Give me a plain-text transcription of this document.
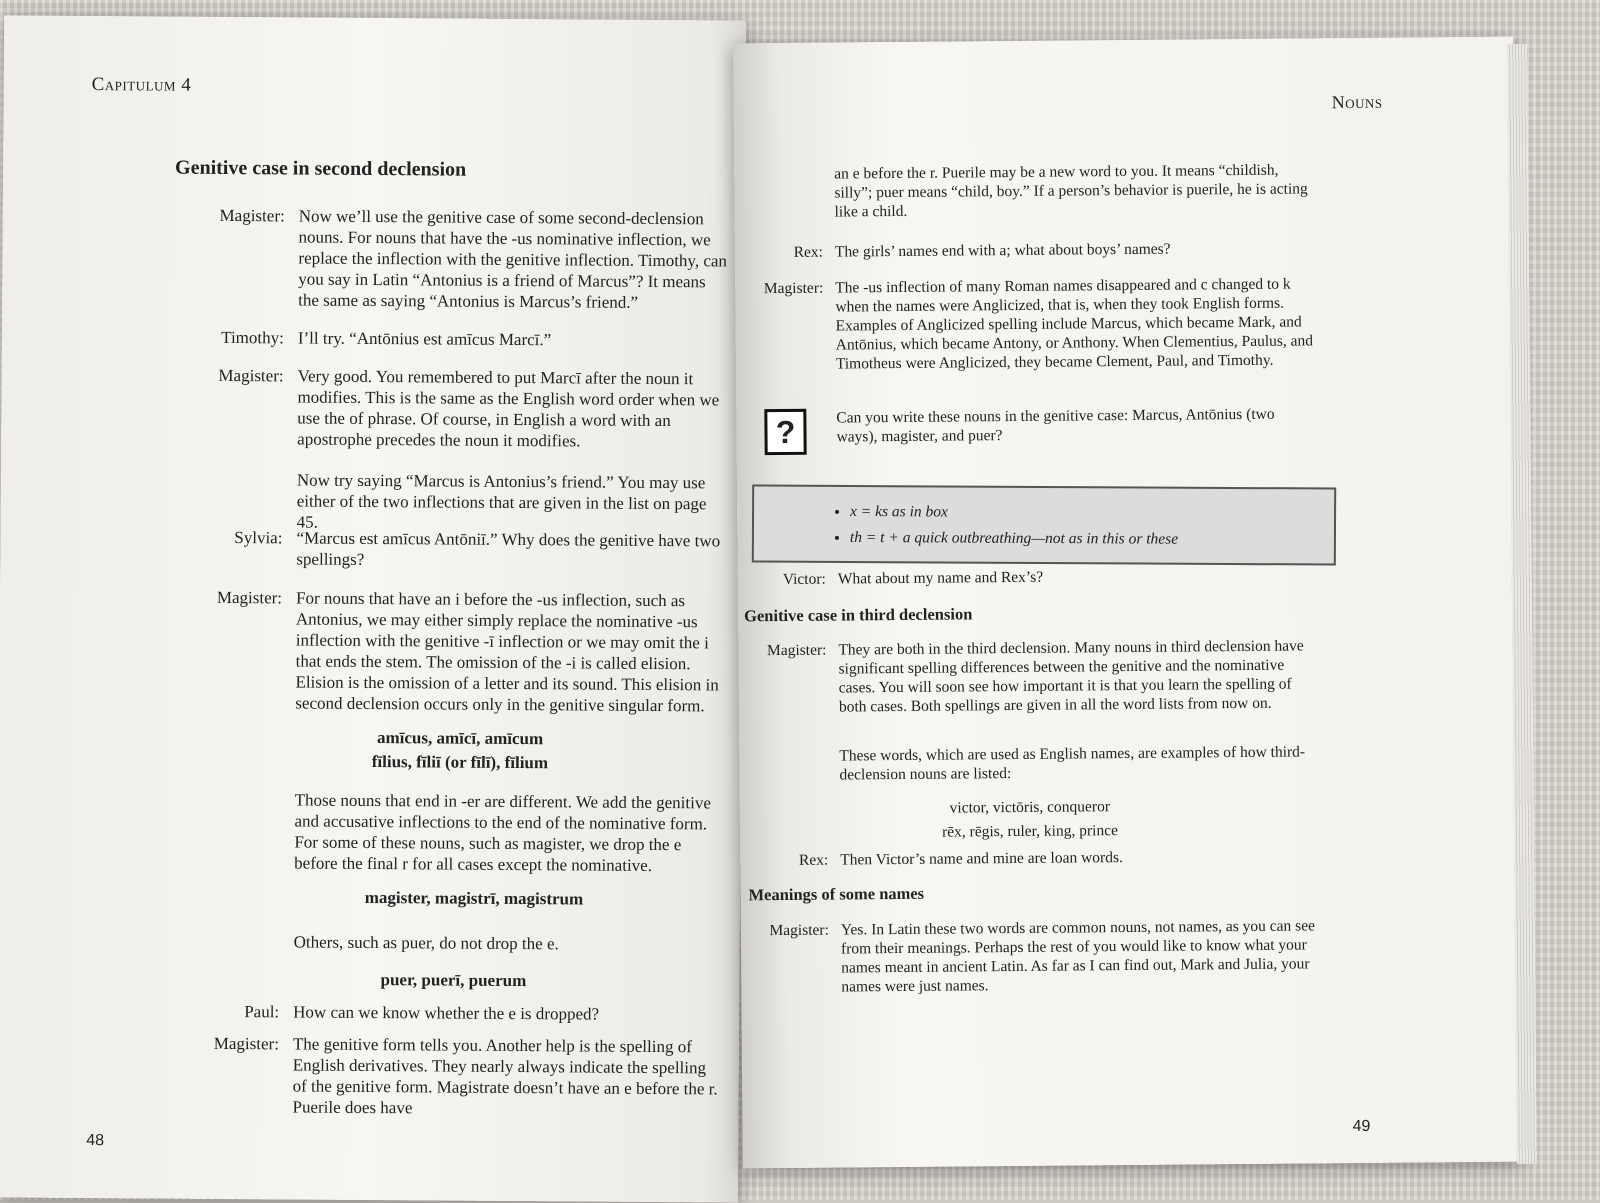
Capitulum 4
Genitive case in second declension
Magister: Now we’ll use the genitive case of some second-declension nouns. For nouns that have the -us nominative inflection, we replace the inflection with the genitive inflection. Timothy, can you say in Latin “Antonius is a friend of Marcus”? It means the same as saying “Antonius is Marcus’s friend.”
Timothy: I’ll try. “Antōnius est amīcus Marcī.”
Magister: Very good. You remembered to put Marcī after the noun it modifies. This is the same as the English word order when we use the of phrase. Of course, in English a word with an apostrophe precedes the noun it modifies.
Now try saying “Marcus is Antonius’s friend.” You may use either of the two inflections that are given in the list on page 45.
Sylvia: “Marcus est amīcus Antōniī.” Why does the genitive have two spellings?
Magister: For nouns that have an i before the -us inflection, such as Antonius, we may either simply replace the nominative -us inflection with the genitive -ī inflection or we may omit the i that ends the stem. The omission of the -i is called elision. Elision is the omission of a letter and its sound. This elision in second declension occurs only in the genitive singular form.
amīcus, amīcī, amīcum
fīlius, fīliī (or fīlī), fīlium
Those nouns that end in -er are different. We add the genitive and accusative inflections to the end of the nominative form. For some of these nouns, such as magister, we drop the e before the final r for all cases except the nominative.
magister, magistrī, magistrum
Others, such as puer, do not drop the e.
puer, puerī, puerum
Paul: How can we know whether the e is dropped?
Magister: The genitive form tells you. Another help is the spelling of English derivatives. They nearly always indicate the spelling of the genitive form. Magistrate doesn’t have an e before the r. Puerile does have
48
Nouns
an e before the r. Puerile may be a new word to you. It means “childish, silly”; puer means “child, boy.” If a person’s behavior is puerile, he is acting like a child.
Rex: The girls’ names end with a; what about boys’ names?
Magister: The -us inflection of many Roman names disappeared and c changed to k when the names were Anglicized, that is, when they took English forms. Examples of Anglicized spelling include Marcus, which became Mark, and Antōnius, which became Antony, or Anthony. When Clementius, Paulus, and Timotheus were Anglicized, they became Clement, Paul, and Timothy.
?	Can you write these nouns in the genitive case: Marcus, Antōnius (two ways), magister, and puer?
Victor: What about my name and Rex’s?
Genitive case in third declension
Magister: They are both in the third declension. Many nouns in third declension have significant spelling differences between the genitive and the nominative cases. You will soon see how important it is that you learn the spelling of both cases. Both spellings are given in all the word lists from now on.
These words, which are used as English names, are examples of how third-declension nouns are listed:
victor, victōris, conqueror
rēx, rēgis, ruler, king, prince
Rex: Then Victor’s name and mine are loan words.
Meanings of some names
Magister: Yes. In Latin these two words are common nouns, not names, as you can see from their meanings. Perhaps the rest of you would like to know what your names meant in ancient Latin. As far as I can find out, Mark and Julia, your names were just names.
49
• x = ks as in box
• th = t + a quick outbreathing—not as in this or these
